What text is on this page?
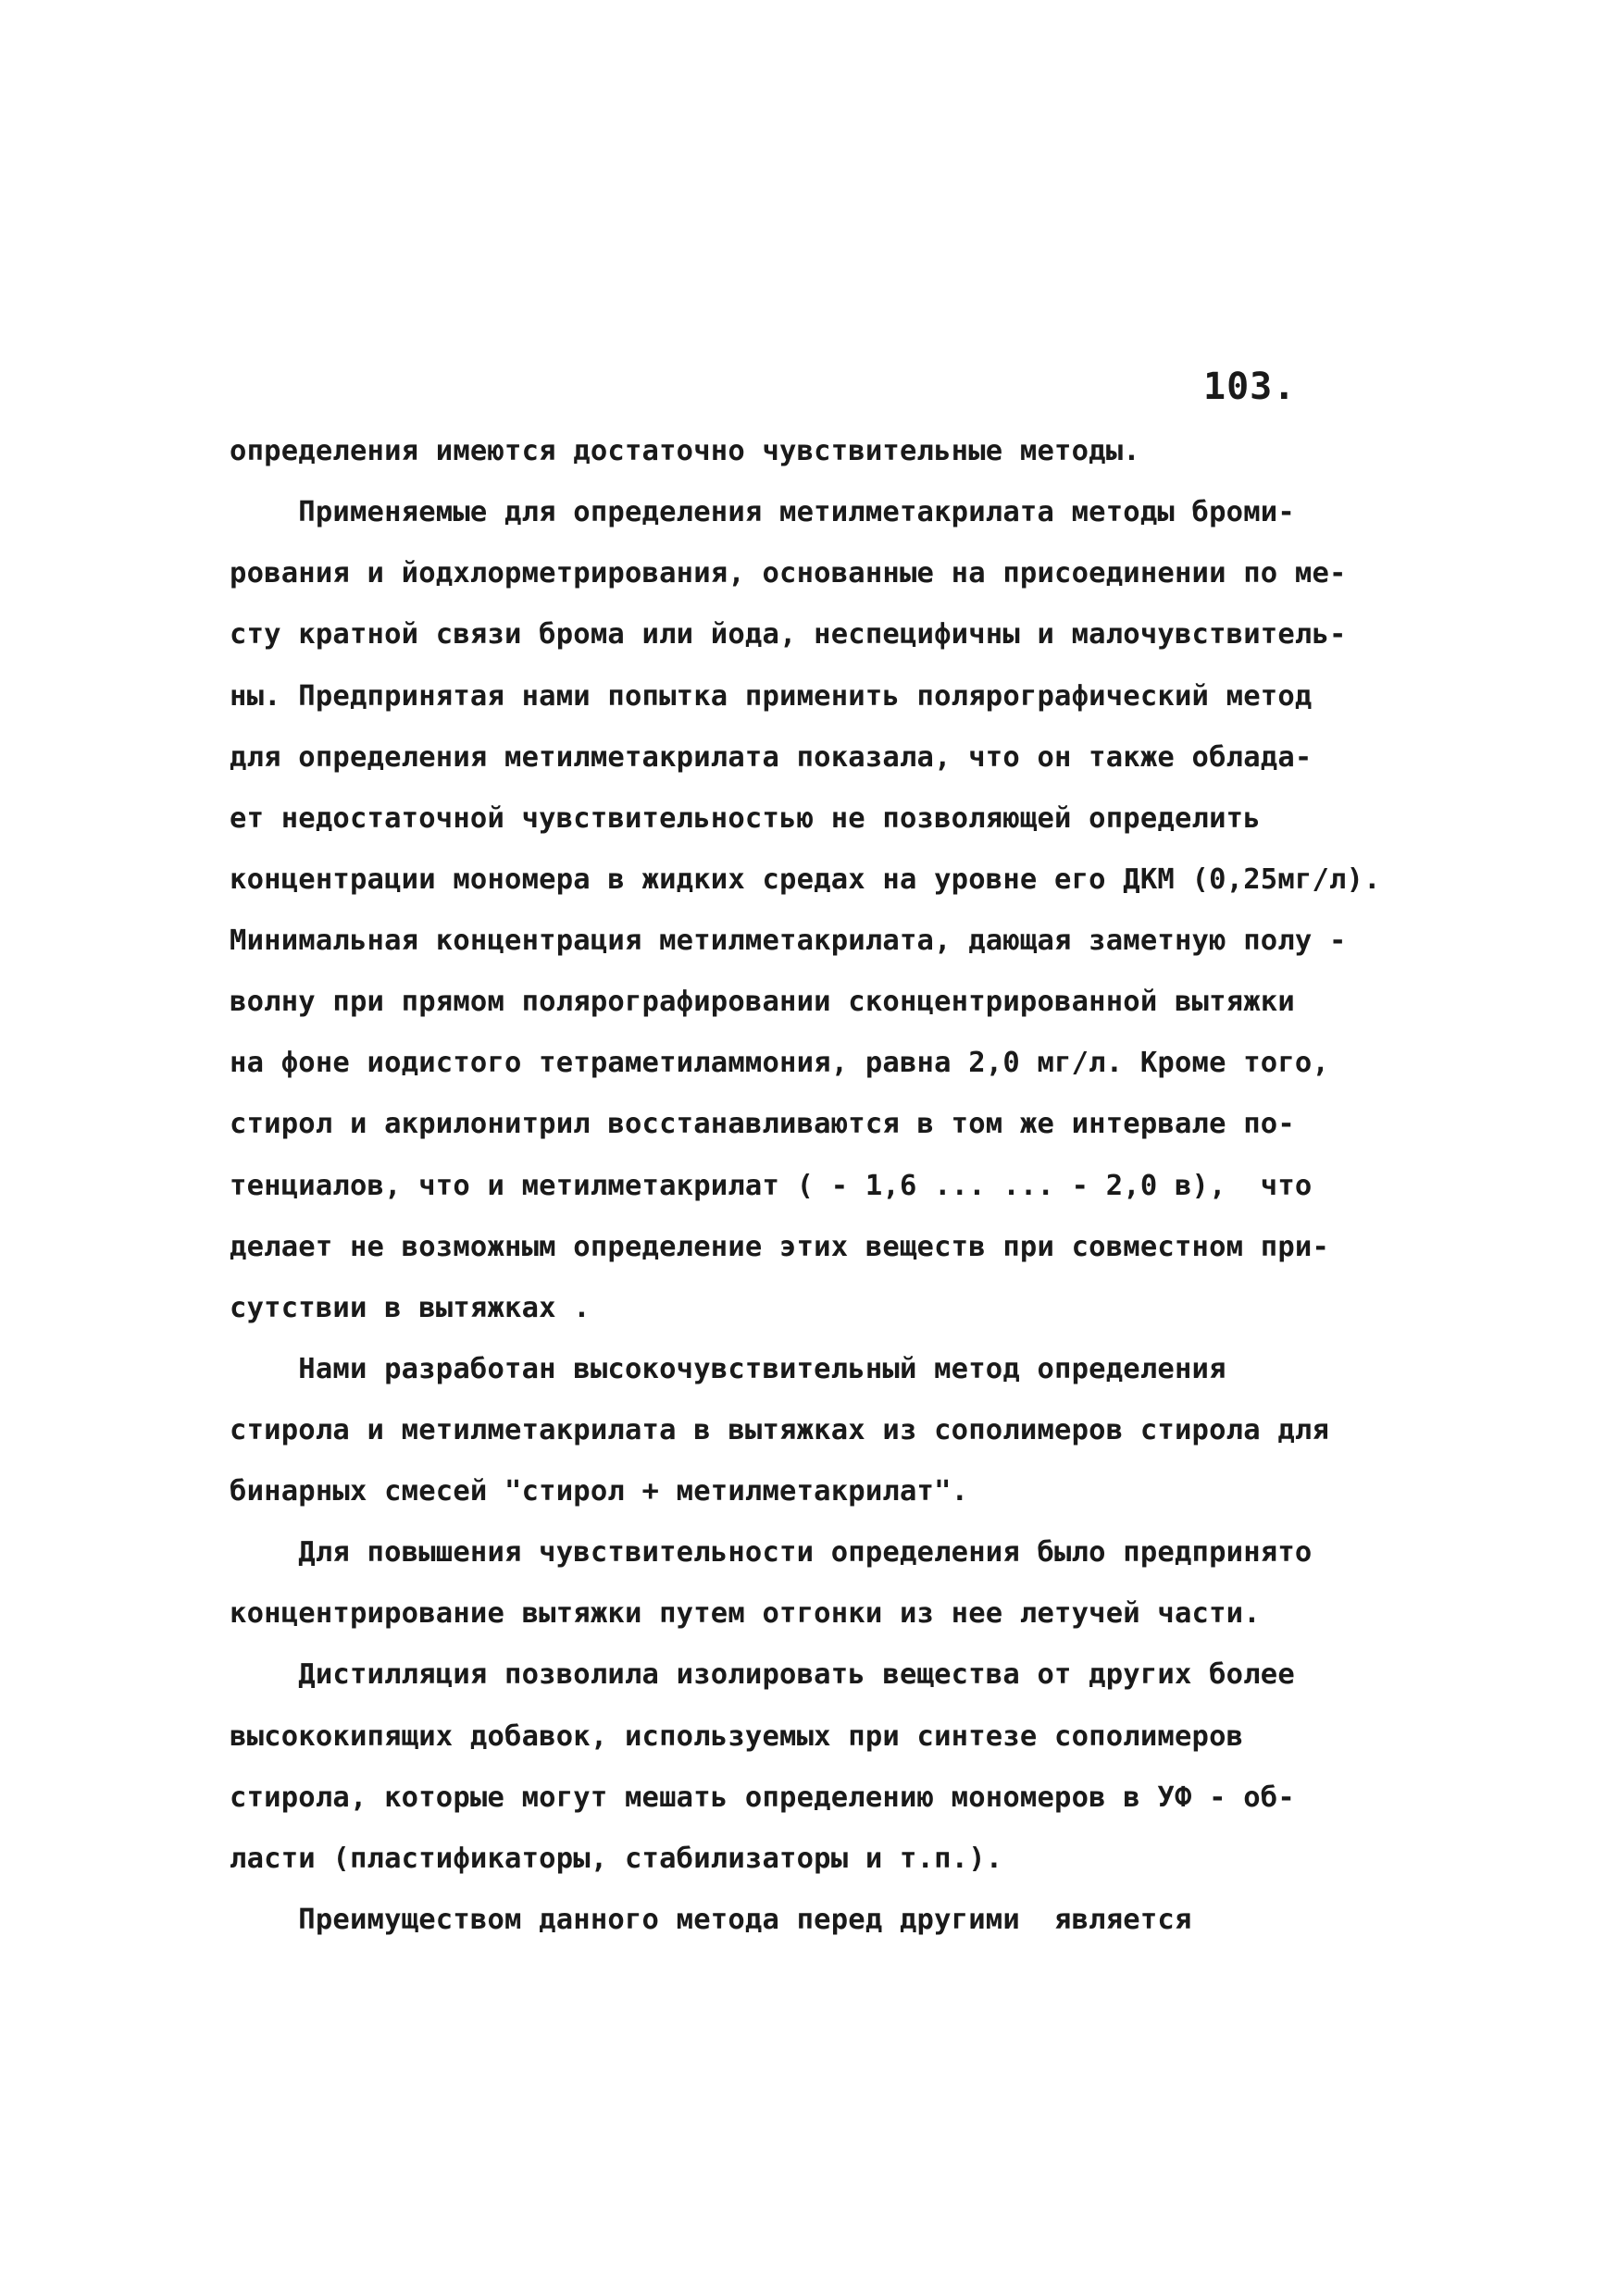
103.
определения имеются достаточно чувствительные методы.
Применяемые для определения метилметакрилата методы броми-
рования и йодхлорметрирования, основанные на присоединении по ме-
сту кратной связи брома или йода, неспецифичны и малочувствитель-
ны. Предпринятая нами попытка применить полярографический метод
для определения метилметакрилата показала, что он также облада-
ет недостаточной чувствительностью не позволяющей определить
концентрации мономера в жидких средах на уровне его ДКМ (0,25мг/л).
Минимальная концентрация метилметакрилата, дающая заметную полу -
волну при прямом полярографировании сконцентрированной вытяжки
на фоне иодистого тетраметиламмония, равна 2,0 мг/л. Кроме того,
стирол и акрилонитрил восстанавливаются в том же интервале по-
тенциалов, что и метилметакрилат ( - 1,6 ... ... - 2,0 в),  что
делает не возможным определение этих веществ при совместном при-
сутствии в вытяжках .
Нами разработан высокочувствительный метод определения
стирола и метилметакрилата в вытяжках из сополимеров стирола для
бинарных смесей "стирол + метилметакрилат".
Для повышения чувствительности определения было предпринято
концентрирование вытяжки путем отгонки из нее летучей части.
Дистилляция позволила изолировать вещества от других более
высококипящих добавок, используемых при синтезе сополимеров
стирола, которые могут мешать определению мономеров в УФ - об-
ласти (пластификаторы, стабилизаторы и т.п.).
Преимуществом данного метода перед другими  является
